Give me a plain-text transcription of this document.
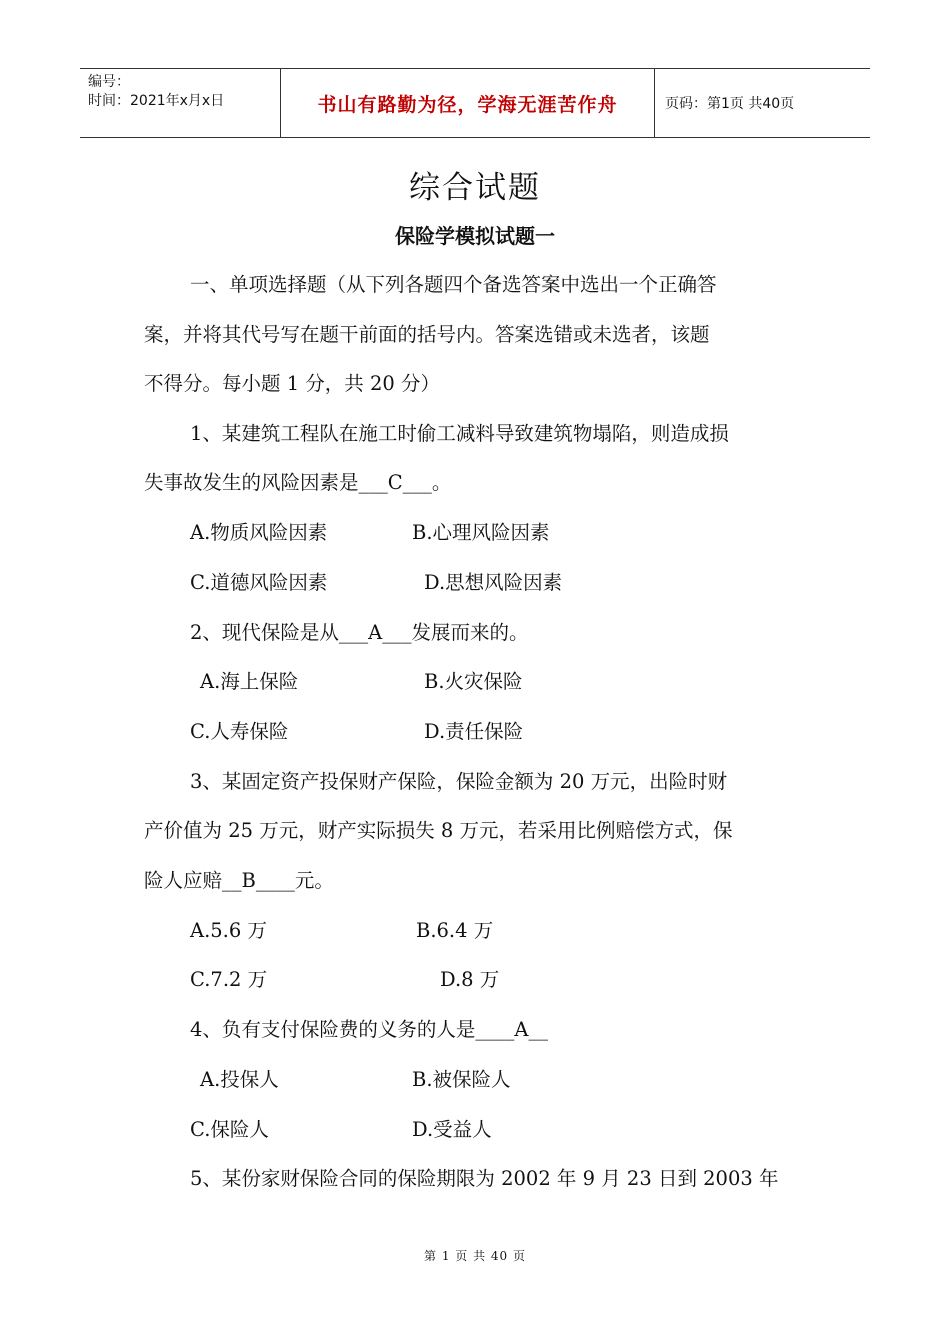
编号：
时间：2021年x月x日	书山有路勤为径，学海无涯苦作舟	页码：第1页 共40页
综合试题
保险学模拟试题一
一、单项选择题（从下列各题四个备选答案中选出一个正确答
案，并将其代号写在题干前面的括号内。答案选错或未选者，该题
不得分。每小题 1 分，共 20 分）
1、某建筑工程队在施工时偷工减料导致建筑物塌陷，则造成损
失事故发生的风险因素是___C___。
A.物质风险因素	B.心理风险因素
C.道德风险因素	D.思想风险因素
2、现代保险是从___A___发展而来的。
A.海上保险	B.火灾保险
C.人寿保险	D.责任保险
3、某固定资产投保财产保险，保险金额为 20 万元，出险时财
产价值为 25 万元，财产实际损失 8 万元，若采用比例赔偿方式，保
险人应赔__B____元。
A.5.6 万	B.6.4 万
C.7.2 万	D.8 万
4、负有支付保险费的义务的人是____A__
A.投保人	B.被保险人
C.保险人	D.受益人
5、某份家财保险合同的保险期限为 2002 年 9 月 23 日到 2003 年
第 1 页 共 40 页
